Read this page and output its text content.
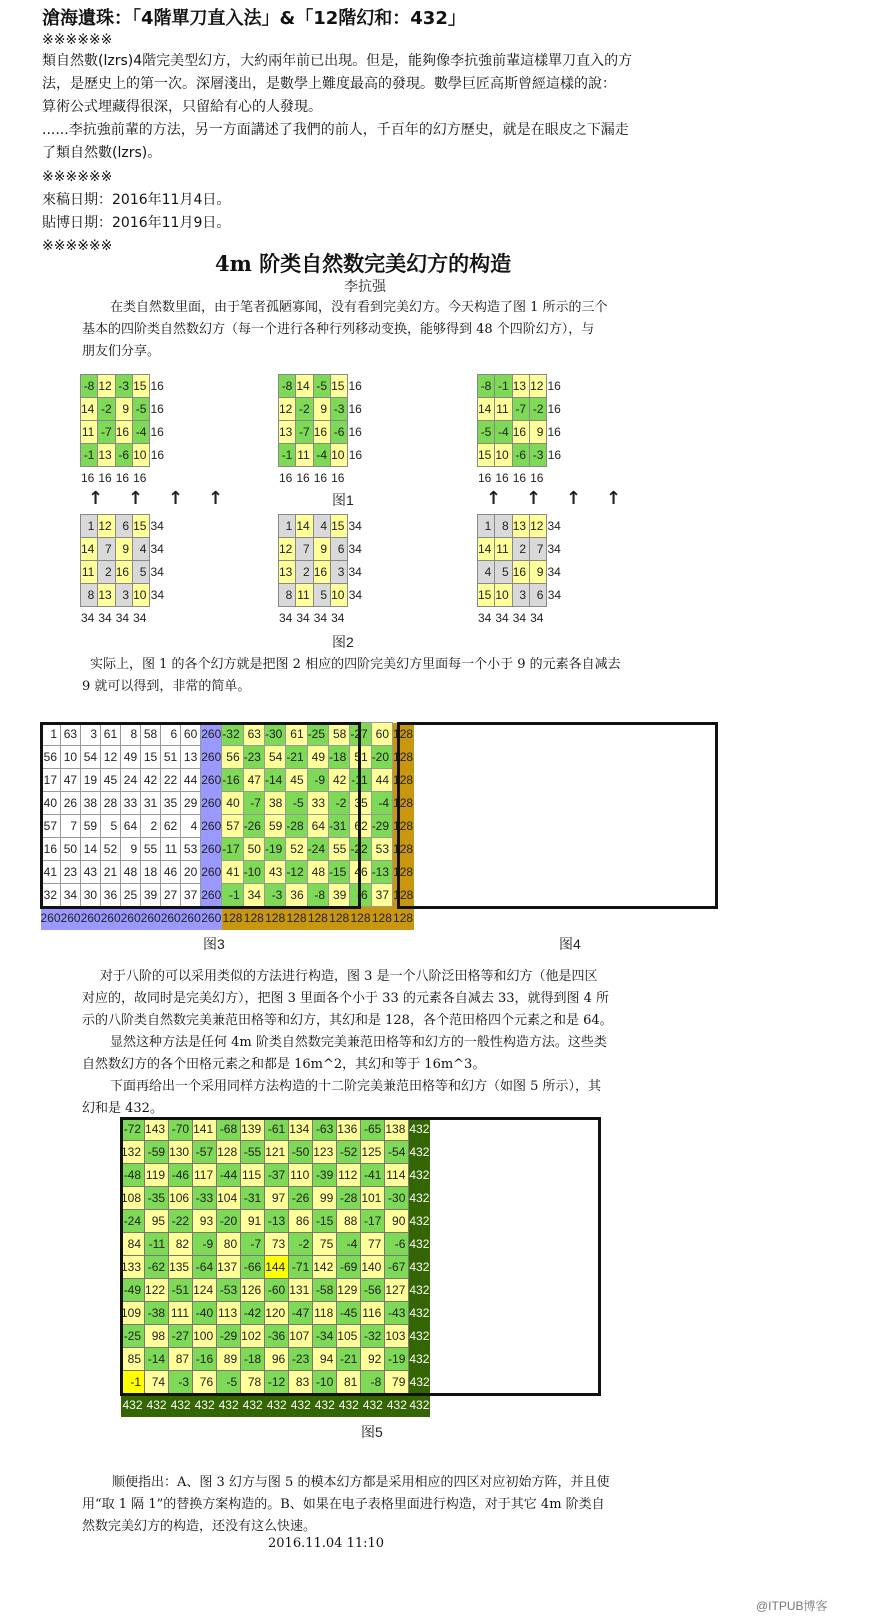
滄海遺珠：「4階單刀直入法」&「12階幻和：432」
※※※※※※
類自然數(lzrs)4階完美型幻方，大約兩年前已出現。但是，能夠像李抗強前輩這樣單刀直入的方
法，是歷史上的第一次。深層淺出，是數學上難度最高的發現。數學巨匠高斯曾經這樣的說：
算術公式埋藏得很深，只留給有心的人發現。
......李抗強前輩的方法，另一方面講述了我們的前人，千百年的幻方歷史，就是在眼皮之下漏走
了類自然數(lzrs)。
※※※※※※
來稿日期：2016年11月4日。
貼博日期：2016年11月9日。
※※※※※※
4m 阶类自然数完美幻方的构造
李抗强
在类自然数里面，由于笔者孤陋寡闻，没有看到完美幻方。今天构造了图 1 所示的三个
基本的四阶类自然数幻方（每一个进行各种行列移动变换，能够得到 48 个四阶幻方），与
朋友们分享。
-8	12	-3	15	16
14	-2	9	-5	16
11	-7	16	-4	16
-1	13	-6	10	16
16	16	16	16	
-8	14	-5	15	16
12	-2	9	-3	16
13	-7	16	-6	16
-1	11	-4	10	16
16	16	16	16	
-8	-1	13	12	16
14	11	-7	-2	16
-5	-4	16	9	16
15	10	-6	-3	16
16	16	16	16	
↑ ↑ ↑ ↑	↑ ↑ ↑ ↑
图1
1	12	6	15	34
14	7	9	4	34
11	2	16	5	34
8	13	3	10	34
34	34	34	34	
1	14	4	15	34
12	7	9	6	34
13	2	16	3	34
8	11	5	10	34
34	34	34	34	
1	8	13	12	34
14	11	2	7	34
4	5	16	9	34
15	10	3	6	34
34	34	34	34	
图2
实际上，图 1 的各个幻方就是把图 2 相应的四阶完美幻方里面每一个小于 9 的元素各自减去
9 就可以得到，非常的简单。
1	63	3	61	8	58	6	60	260	-32	63	-30	61	-25	58	-27	60	128
56	10	54	12	49	15	51	13	260	56	-23	54	-21	49	-18	51	-20	128
17	47	19	45	24	42	22	44	260	-16	47	-14	45	-9	42	-11	44	128
40	26	38	28	33	31	35	29	260	40	-7	38	-5	33	-2	35	-4	128
57	7	59	5	64	2	62	4	260	57	-26	59	-28	64	-31	62	-29	128
16	50	14	52	9	55	11	53	260	-17	50	-19	52	-24	55	-22	53	128
41	23	43	21	48	18	46	20	260	41	-10	43	-12	48	-15	46	-13	128
32	34	30	36	25	39	27	37	260	-1	34	-3	36	-8	39	-6	37	128
260	260	260	260	260	260	260	260	260	128	128	128	128	128	128	128	128	128
图3	图4
对于八阶的可以采用类似的方法进行构造，图 3 是一个八阶泛田格等和幻方（他是四区
对应的，故同时是完美幻方），把图 3 里面各个小于 33 的元素各自减去 33，就得到图 4 所
示的八阶类自然数完美兼范田格等和幻方，其幻和是 128，各个范田格四个元素之和是 64。
显然这种方法是任何 4m 阶类自然数完美兼范田格等和幻方的一般性构造方法。这些类
自然数幻方的各个田格元素之和都是 16m^2，其幻和等于 16m^3。
下面再给出一个采用同样方法构造的十二阶完美兼范田格等和幻方（如图 5 所示），其
幻和是 432。
-72	143	-70	141	-68	139	-61	134	-63	136	-65	138	432
132	-59	130	-57	128	-55	121	-50	123	-52	125	-54	432
-48	119	-46	117	-44	115	-37	110	-39	112	-41	114	432
108	-35	106	-33	104	-31	97	-26	99	-28	101	-30	432
-24	95	-22	93	-20	91	-13	86	-15	88	-17	90	432
84	-11	82	-9	80	-7	73	-2	75	-4	77	-6	432
133	-62	135	-64	137	-66	144	-71	142	-69	140	-67	432
-49	122	-51	124	-53	126	-60	131	-58	129	-56	127	432
109	-38	111	-40	113	-42	120	-47	118	-45	116	-43	432
-25	98	-27	100	-29	102	-36	107	-34	105	-32	103	432
85	-14	87	-16	89	-18	96	-23	94	-21	92	-19	432
-1	74	-3	76	-5	78	-12	83	-10	81	-8	79	432
432	432	432	432	432	432	432	432	432	432	432	432	432
图5
顺便指出：A、图 3 幻方与图 5 的模本幻方都是采用相应的四区对应初始方阵，并且使
用“取 1 隔 1”的替换方案构造的。B、如果在电子表格里面进行构造，对于其它 4m 阶类自
然数完美幻方的构造，还没有这么快速。
2016.11.04 11:10
@ITPUB博客
